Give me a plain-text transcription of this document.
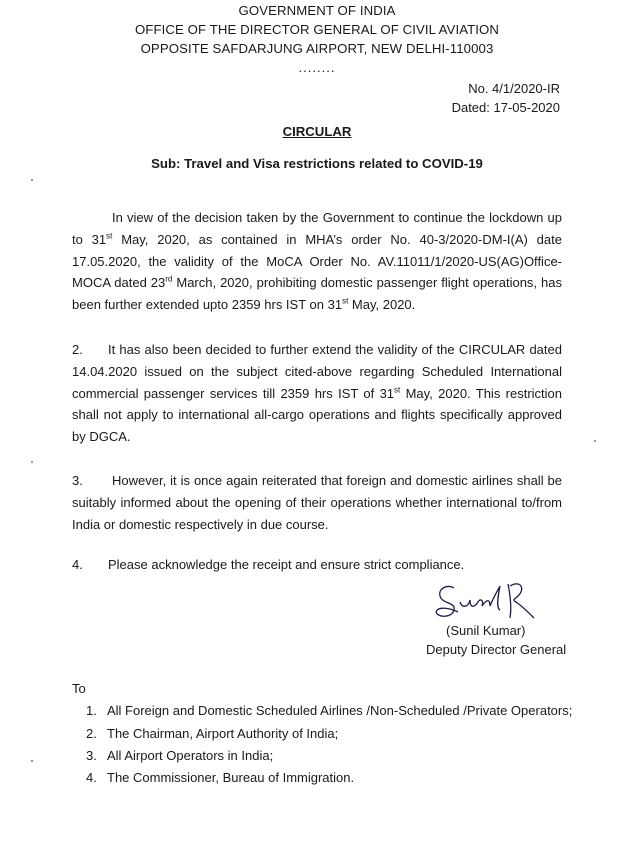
GOVERNMENT OF INDIA
OFFICE OF THE DIRECTOR GENERAL OF CIVIL AVIATION
OPPOSITE SAFDARJUNG AIRPORT, NEW DELHI-110003
........
No. 4/1/2020-IR
Dated: 17-05-2020
CIRCULAR
Sub: Travel and Visa restrictions related to COVID-19
In view of the decision taken by the Government to continue the lockdown up to 31st May, 2020, as contained in MHA’s order No. 40-3/2020-DM-I(A) date 17.05.2020, the validity of the MoCA Order No. AV.11011/1/2020-US(AG)Office-MOCA dated 23rd March, 2020, prohibiting domestic passenger flight operations, has been further extended upto 2359 hrs IST on 31st May, 2020.
2. It has also been decided to further extend the validity of the CIRCULAR dated 14.04.2020 issued on the subject cited-above regarding Scheduled International commercial passenger services till 2359 hrs IST of 31st May, 2020. This restriction shall not apply to international all-cargo operations and flights specifically approved by DGCA.
3. However, it is once again reiterated that foreign and domestic airlines shall be suitably informed about the opening of their operations whether international to/from India or domestic respectively in due course.
4. Please acknowledge the receipt and ensure strict compliance.
(Sunil Kumar)
Deputy Director General
To
1. All Foreign and Domestic Scheduled Airlines /Non-Scheduled /Private Operators;
2. The Chairman, Airport Authority of India;
3. All Airport Operators in India;
4. The Commissioner, Bureau of Immigration.
